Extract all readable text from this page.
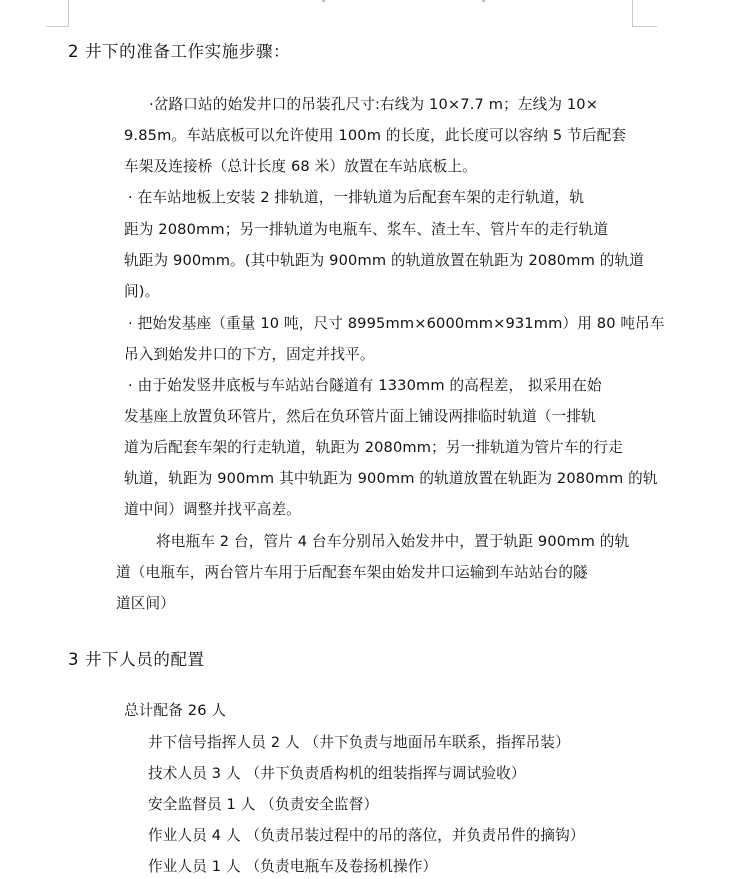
2 井下的准备工作实施步骤：
·岔路口站的始发井口的吊装孔尺寸:右线为 10×7.7 m；左线为 10×
9.85m。车站底板可以允许使用 100m 的长度，此长度可以容纳 5 节后配套
车架及连接桥（总计长度 68 米）放置在车站底板上。
· 在车站地板上安装 2 排轨道，一排轨道为后配套车架的走行轨道，轨
距为 2080mm；另一排轨道为电瓶车、浆车、渣土车、管片车的走行轨道
轨距为 900mm。(其中轨距为 900mm 的轨道放置在轨距为 2080mm 的轨道
间)。
· 把始发基座（重量 10 吨，尺寸 8995mm×6000mm×931mm）用 80 吨吊车
吊入到始发井口的下方，固定并找平。
· 由于始发竖井底板与车站站台隧道有 1330mm 的高程差， 拟采用在始
发基座上放置负环管片，然后在负环管片面上铺设两排临时轨道（一排轨
道为后配套车架的行走轨道，轨距为 2080mm；另一排轨道为管片车的行走
轨道，轨距为 900mm 其中轨距为 900mm 的轨道放置在轨距为 2080mm 的轨
道中间）调整并找平高差。
将电瓶车 2 台，管片 4 台车分别吊入始发井中，置于轨距 900mm 的轨
道（电瓶车，两台管片车用于后配套车架由始发井口运输到车站站台的隧
道区间）
3 井下人员的配置
总计配备 26 人
井下信号指挥人员 2 人 （井下负责与地面吊车联系，指挥吊装）
技术人员 3 人 （井下负责盾构机的组装指挥与调试验收）
安全监督员 1 人 （负责安全监督）
作业人员 4 人 （负责吊装过程中的吊的落位，并负责吊件的摘钩）
作业人员 1 人 （负责电瓶车及卷扬机操作）
